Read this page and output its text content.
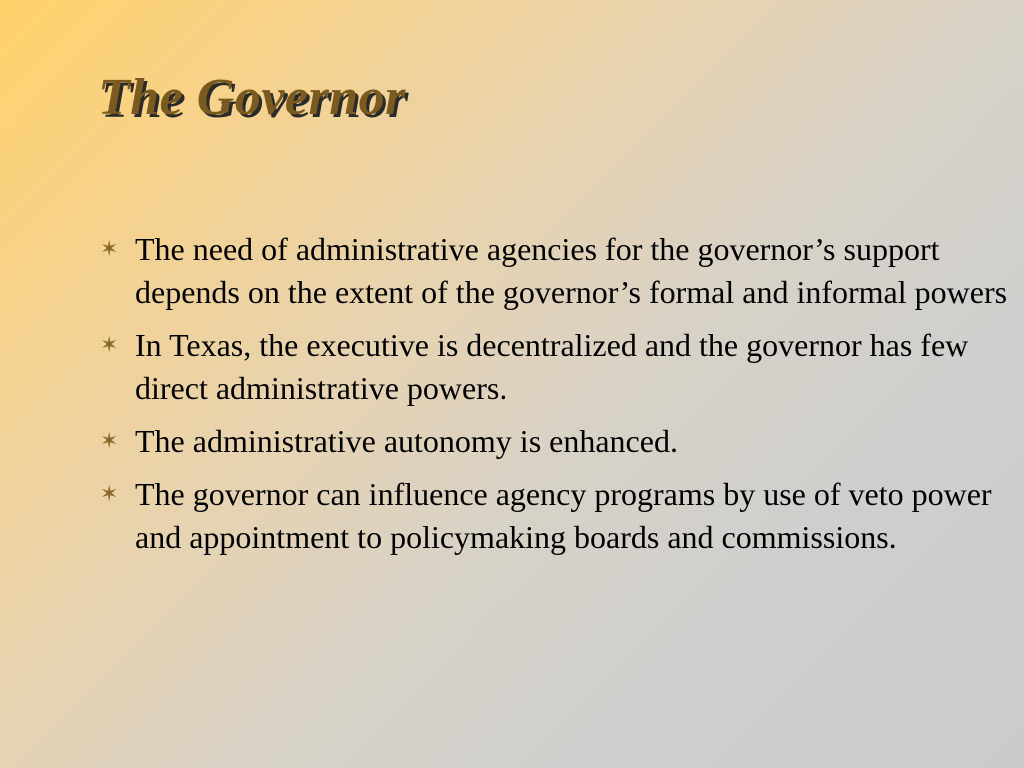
The Governor
✶ The need of administrative agencies for the governor’s support depends on the extent of the governor’s formal and informal powers
✶ In Texas, the executive is decentralized and the governor has few direct administrative powers.
✶ The administrative autonomy is enhanced.
✶ The governor can influence agency programs by use of veto power and appointment to policymaking boards and commissions.
